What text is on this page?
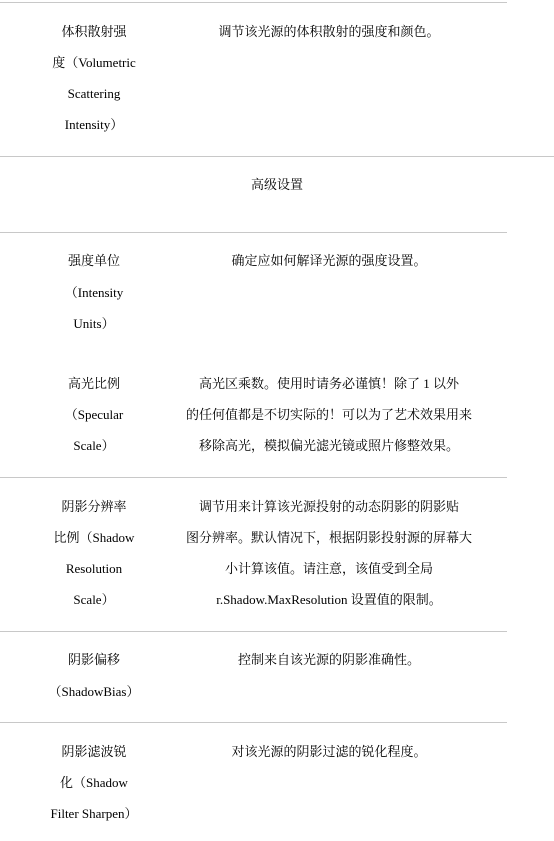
体积散射强
度（Volumetric
Scattering
Intensity）
调节该光源的体积散射的强度和颜色。
高级设置
强度单位
（Intensity
Units）
确定应如何解译光源的强度设置。
高光比例
（Specular
Scale）
高光区乘数。使用时请务必谨慎！除了 1 以外
的任何值都是不切实际的！可以为了艺术效果用来
移除高光，模拟偏光滤光镜或照片修整效果。
阴影分辨率
比例（Shadow
Resolution
Scale）
调节用来计算该光源投射的动态阴影的阴影贴
图分辨率。默认情况下，根据阴影投射源的屏幕大
小计算该值。请注意，该值受到全局
r.Shadow.MaxResolution 设置值的限制。
阴影偏移
（ShadowBias）
控制来自该光源的阴影准确性。
阴影滤波锐
化（Shadow
Filter Sharpen）
对该光源的阴影过滤的锐化程度。
